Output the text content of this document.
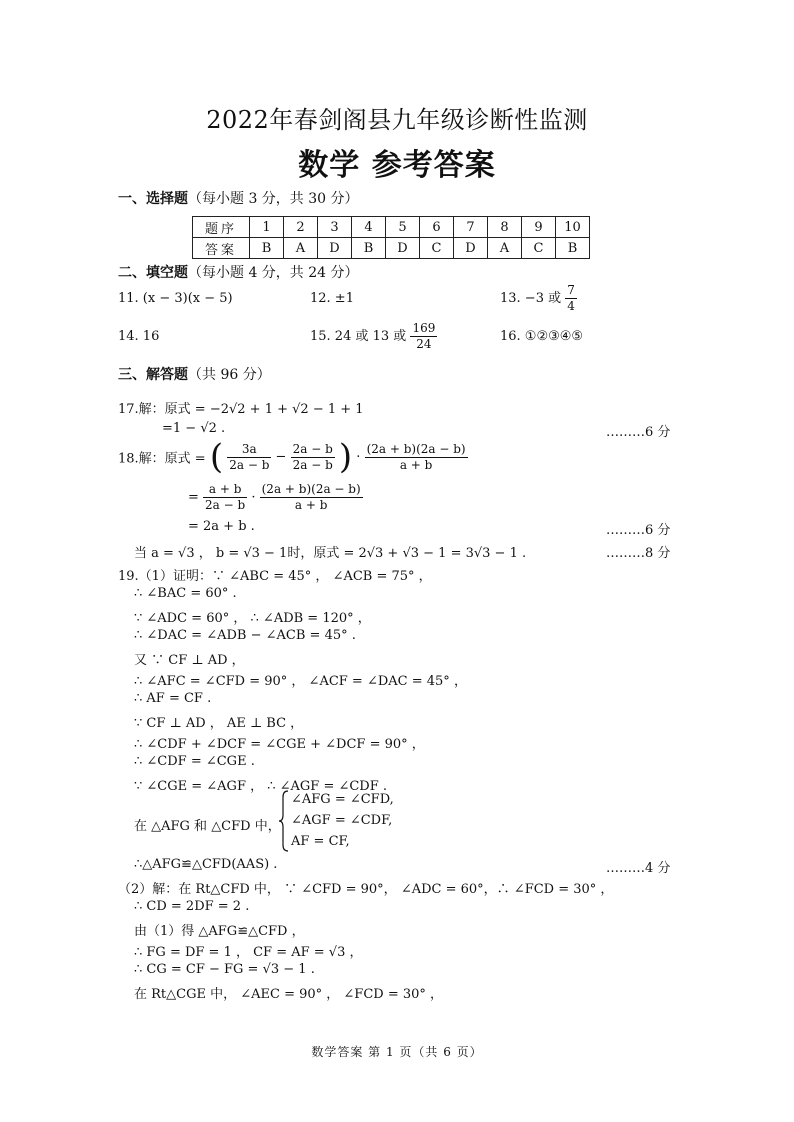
2022年春剑阁县九年级诊断性监测
数学 参考答案
一、选择题（每小题 3 分，共 30 分）
题序	1	2	3	4	5	6	7	8	9	10
答案	B	A	D	B	D	C	D	A	C	B
二、填空题（每小题 4 分，共 24 分）
11. (x − 3)(x − 5)	12. ±1	13. −3 或 $\frac{7}{4}$
14. 16	15. 24 或 13 或 $\frac{169}{24}$	16. ①②③④⑤
三、解答题（共 96 分）
17.解：原式 = −2√2 + 1 + √2 − 1 + 1
=1 − √2 .	………6 分
18.解：原式 = ( $\frac{3a}{2a - b} - \frac{2a - b}{2a - b}$ ) · $\frac{(2a + b)(2a - b)}{a + b}$
= $\frac{a + b}{2a - b} \cdot \frac{(2a + b)(2a - b)}{a + b}$
= 2a + b .	………6 分
当 a = √3 ， b = √3 − 1时，原式 = 2√3 + √3 − 1 = 3√3 − 1 .	………8 分
19.（1）证明：∵ ∠ABC = 45° ， ∠ACB = 75° ，
∴ ∠BAC = 60° .
∵ ∠ADC = 60° ， ∴ ∠ADB = 120° ，
∴ ∠DAC = ∠ADB − ∠ACB = 45° .
又 ∵ CF ⊥ AD ，
∴ ∠AFC = ∠CFD = 90° ， ∠ACF = ∠DAC = 45° ，
∴ AF = CF .
∵ CF ⊥ AD ， AE ⊥ BC ，
∴ ∠CDF + ∠DCF = ∠CGE + ∠DCF = 90° ，
∴ ∠CDF = ∠CGE .
∵ ∠CGE = ∠AGF ， ∴ ∠AGF = ∠CDF .
在 △AFG 和 △CFD 中，
∠AFG = ∠CFD,
∠AGF = ∠CDF,
AF = CF,
∴△AFG≌△CFD(AAS) .	………4 分
（2）解：在 Rt△CFD 中， ∵ ∠CFD = 90°， ∠ADC = 60°，∴ ∠FCD = 30° ，
∴ CD = 2DF = 2 .
由（1）得 △AFG≌△CFD ，
∴ FG = DF = 1 ， CF = AF = √3 ，
∴ CG = CF − FG = √3 − 1 .
在 Rt△CGE 中， ∠AEC = 90° ， ∠FCD = 30° ，
数学答案 第 1 页（共 6 页）
